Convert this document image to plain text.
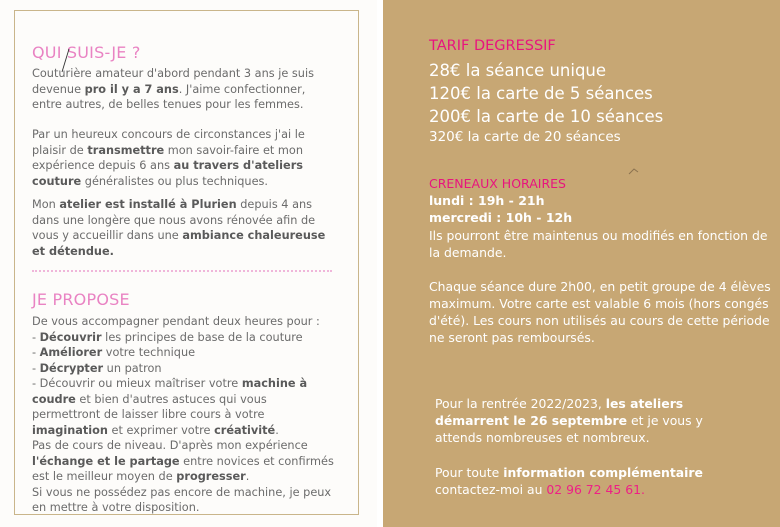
QUI SUIS-JE ?

Couturière amateur d'abord pendant 3 ans je suis devenue pro il y a 7 ans. J'aime confectionner, entre autres, de belles tenues pour les femmes.

Par un heureux concours de circonstances j'ai le plaisir de transmettre mon savoir-faire et mon expérience depuis 6 ans au travers d'ateliers couture généralistes ou plus techniques.

Mon atelier est installé à Plurien depuis 4 ans dans une longère que nous avons rénovée afin de vous y accueillir dans une ambiance chaleureuse et détendue.

JE PROPOSE

De vous accompagner pendant deux heures pour :
- Découvrir les principes de base de la couture
- Améliorer votre technique
- Décrypter un patron
- Découvrir ou mieux maîtriser votre machine à coudre et bien d'autres astuces qui vous permettront de laisser libre cours à votre imagination et exprimer votre créativité.
Pas de cours de niveau. D'après mon expérience l'échange et le partage entre novices et confirmés est le meilleur moyen de progresser.
Si vous ne possédez pas encore de machine, je peux en mettre à votre disposition.

TARIF DEGRESSIF
28€ la séance unique
120€ la carte de 5 séances
200€ la carte de 10 séances
320€ la carte de 20 séances
CRENEAUX HORAIRES
lundi : 19h - 21h
mercredi : 10h - 12h

Ils pourront être maintenus ou modifiés en fonction de la demande.

Chaque séance dure 2h00, en petit groupe de 4 élèves maximum. Votre carte est valable 6 mois (hors congés d'été). Les cours non utilisés au cours de cette période ne seront pas remboursés.

Pour la rentrée 2022/2023, les ateliers démarrent le 26 septembre et je vous y attends nombreuses et nombreux.

Pour toute information complémentaire contactez-moi au 02 96 72 45 61.
